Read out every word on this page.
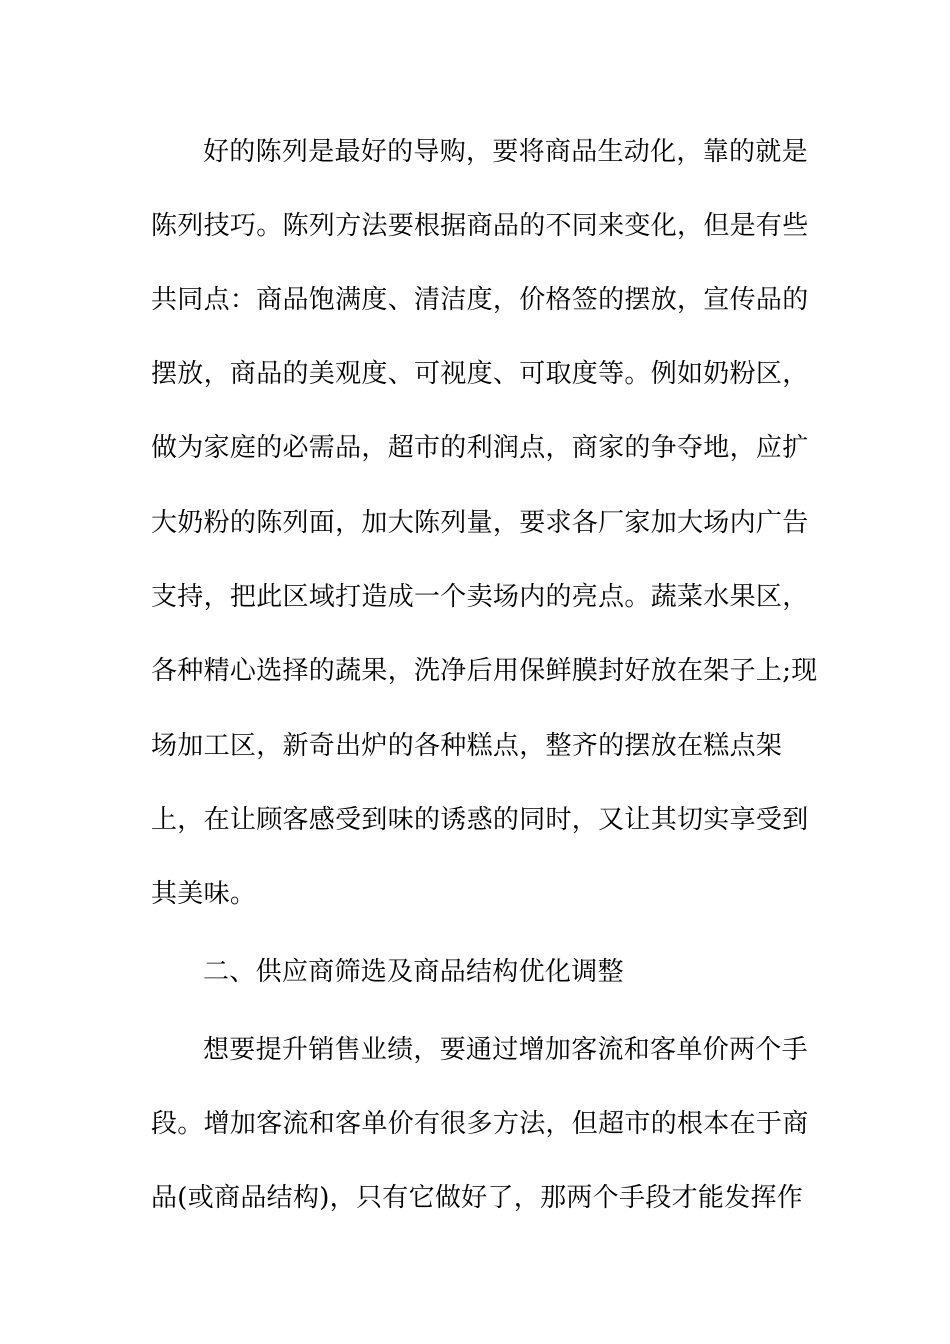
好的陈列是最好的导购，要将商品生动化，靠的就是
陈列技巧。陈列方法要根据商品的不同来变化，但是有些
共同点：商品饱满度、清洁度，价格签的摆放，宣传品的
摆放，商品的美观度、可视度、可取度等。例如奶粉区，
做为家庭的必需品，超市的利润点，商家的争夺地，应扩
大奶粉的陈列面，加大陈列量，要求各厂家加大场内广告
支持，把此区域打造成一个卖场内的亮点。蔬菜水果区，
各种精心选择的蔬果，洗净后用保鲜膜封好放在架子上;现
场加工区，新奇出炉的各种糕点，整齐的摆放在糕点架
上，在让顾客感受到味的诱惑的同时，又让其切实享受到
其美味。
二、供应商筛选及商品结构优化调整
想要提升销售业绩，要通过增加客流和客单价两个手
段。增加客流和客单价有很多方法，但超市的根本在于商
品(或商品结构)，只有它做好了，那两个手段才能发挥作
